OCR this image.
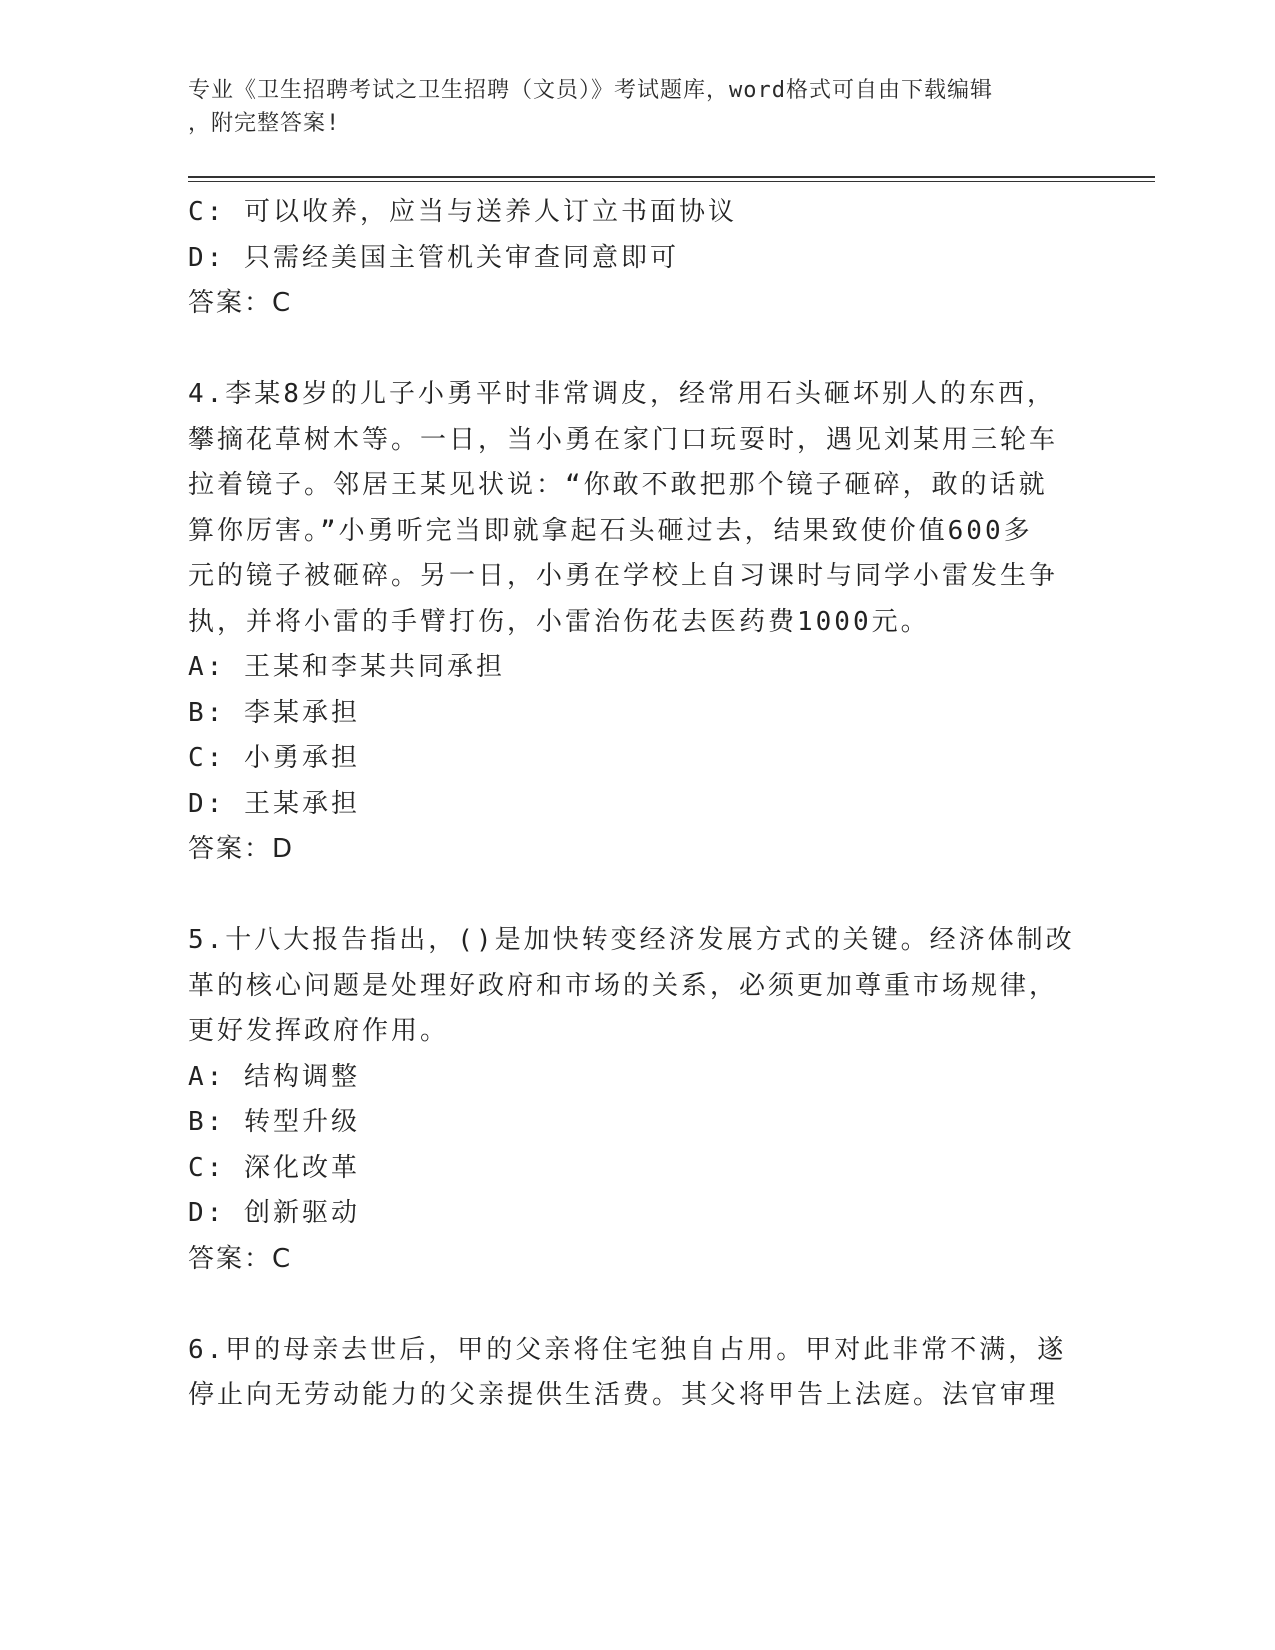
专业《卫生招聘考试之卫生招聘（文员）》考试题库，word格式可自由下载编辑
，附完整答案!
C: 可以收养，应当与送养人订立书面协议
D: 只需经美国主管机关审查同意即可
答案：C
4.李某8岁的儿子小勇平时非常调皮，经常用石头砸坏别人的东西，
攀摘花草树木等。一日，当小勇在家门口玩耍时，遇见刘某用三轮车
拉着镜子。邻居王某见状说：“你敢不敢把那个镜子砸碎，敢的话就
算你厉害。”小勇听完当即就拿起石头砸过去，结果致使价值600多
元的镜子被砸碎。另一日，小勇在学校上自习课时与同学小雷发生争
执，并将小雷的手臂打伤，小雷治伤花去医药费1000元。
A: 王某和李某共同承担
B: 李某承担
C: 小勇承担
D: 王某承担
答案：D
5.十八大报告指出，()是加快转变经济发展方式的关键。经济体制改
革的核心问题是处理好政府和市场的关系，必须更加尊重市场规律，
更好发挥政府作用。
A: 结构调整
B: 转型升级
C: 深化改革
D: 创新驱动
答案：C
6.甲的母亲去世后，甲的父亲将住宅独自占用。甲对此非常不满，遂
停止向无劳动能力的父亲提供生活费。其父将甲告上法庭。法官审理
